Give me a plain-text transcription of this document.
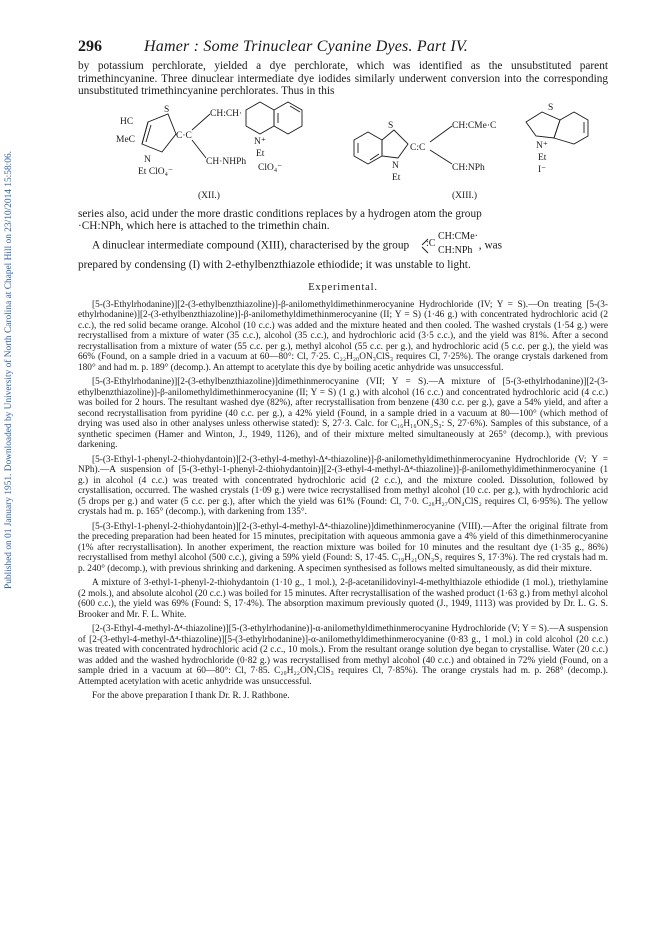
Published on 01 January 1951. Downloaded by University of North Carolina at Chapel Hill on 23/10/2014 15:58:06.
296	Hamer : Some Trinuclear Cyanine Dyes. Part IV.

by potassium perchlorate, yielded a dye perchlorate, which was identified as the unsubstituted parent trimethincyanine. Three dinuclear intermediate dye iodides similarly underwent conversion into the corresponding unsubstituted trimethincyanine perchlorates. Thus in this

S
HC
MeC	C·C
N
Et ClO₄⁻
CH:CH·
CH·NHPh
N⁺
Et
ClO₄⁻
(XII.)
S
C:C
N
Et
CH:CMe·C
CH:NPh
S
N⁺
Et
I⁻
(XIII.)

series also, acid under the more drastic conditions replaces by a hydrogen atom the group

·CH:NPh, which here is attached to the trimethin chain.

A dinuclear intermediate compound (XIII), characterised by the group	:C
CH:CMe·
CH:NPh , was

prepared by condensing (I) with 2-ethylbenzthiazole ethiodide; it was unstable to light.

Experimental.

[5-(3-Ethylrhodanine)][2-(3-ethylbenzthiazoline)]-β-anilomethyldimethinmerocyanine Hydrochloride (IV; Y = S).—On treating [5-(3-ethylrhodanine)][2-(3-ethylbenzthiazoline)]-β-anilomethyldimethinmerocyanine (II; Y = S) (1·46 g.) with concentrated hydrochloric acid (2 c.c.), the red solid became orange. Alcohol (10 c.c.) was added and the mixture heated and then cooled. The washed crystals (1·54 g.) were recrystallised from a mixture of water (35 c.c.), alcohol (35 c.c.), and hydrochloric acid (3·5 c.c.), and the yield was 81%. After a second recrystallisation from a mixture of water (55 c.c. per g.), methyl alcohol (55 c.c. per g.), and hydrochloric acid (5 c.c. per g.), the yield was 66% (Found, on a sample dried in a vacuum at 60—80°: Cl, 7·25. C₂₂H₂₀ON₃ClS₃ requires Cl, 7·25%). The orange crystals darkened from 180° and had m. p. 189° (decomp.). An attempt to acetylate this dye by boiling acetic anhydride was unsuccessful.

[5-(3-Ethylrhodanine)][2-(3-ethylbenzthiazoline)]dimethinmerocyanine (VII; Y = S).—A mixture of [5-(3-ethylrhodanine)][2-(3-ethylbenzthiazoline)]-β-anilomethyldimethinmerocyanine (II; Y = S) (1 g.) with alcohol (16 c.c.) and concentrated hydrochloric acid (4 c.c.) was boiled for 2 hours. The resultant washed dye (82%), after recrystallisation from benzene (430 c.c. per g.), gave a 54% yield, and after a second recrystallisation from pyridine (40 c.c. per g.), a 42% yield (Found, in a sample dried in a vacuum at 80—100° (which method of drying was used also in other analyses unless otherwise stated): S, 27·3. Calc. for C₁₆H₁₆ON₂S₃: S, 27·6%). Samples of this substance, of a synthetic specimen (Hamer and Winton, J., 1949, 1126), and of their mixture melted simultaneously at 265° (decomp.), with previous darkening.

[5-(3-Ethyl-1-phenyl-2-thiohydantoin)][2-(3-ethyl-4-methyl-Δ⁴-thiazoline)]-β-anilomethyldimethinmerocyanine Hydrochloride (V; Y = NPh).—A suspension of [5-(3-ethyl-1-phenyl-2-thiohydantoin)][2-(3-ethyl-4-methyl-Δ⁴-thiazoline)]-β-anilomethyldimethinmerocyanine (1 g.) in alcohol (4 c.c.) was treated with concentrated hydrochloric acid (2 c.c.), and the mixture cooled. Dissolution, followed by crystallisation, occurred. The washed crystals (1·09 g.) were twice recrystallised from methyl alcohol (10 c.c. per g.), with hydrochloric acid (5 drops per g.) and water (5 c.c. per g.), after which the yield was 61% (Found: Cl, 7·0. C₂₆H₂₇ON₄ClS₂ requires Cl, 6·95%). The yellow crystals had m. p. 165° (decomp.), with darkening from 135°.

[5-(3-Ethyl-1-phenyl-2-thiohydantoin)][2-(3-ethyl-4-methyl-Δ⁴-thiazoline)]dimethinmerocyanine (VIII).—After the original filtrate from the preceding preparation had been heated for 15 minutes, precipitation with aqueous ammonia gave a 4% yield of this dimethinmerocyanine (1% after recrystallisation). In another experiment, the reaction mixture was boiled for 10 minutes and the resultant dye (1·35 g., 86%) recrystallised from methyl alcohol (500 c.c.), giving a 59% yield (Found: S, 17·45. C₁₉H₂₁ON₃S₂ requires S, 17·3%). The red crystals had m. p. 240° (decomp.), with previous shrinking and darkening. A specimen synthesised as follows melted simultaneously, as did their mixture.

A mixture of 3-ethyl-1-phenyl-2-thiohydantoin (1·10 g., 1 mol.), 2-β-acetanilidovinyl-4-methylthiazole ethiodide (1 mol.), triethylamine (2 mols.), and absolute alcohol (20 c.c.) was boiled for 15 minutes. After recrystallisation of the washed product (1·63 g.) from methyl alcohol (600 c.c.), the yield was 69% (Found: S, 17·4%). The absorption maximum previously quoted (J., 1949, 1113) was provided by Dr. L. G. S. Brooker and Mr. F. L. White.

[2-(3-Ethyl-4-methyl-Δ⁴-thiazoline)][5-(3-ethylrhodanine)]-α-anilomethyldimethinmerocyanine Hydrochloride (V; Y = S).—A suspension of [2-(3-ethyl-4-methyl-Δ⁴-thiazoline)][5-(3-ethylrhodanine)]-α-anilomethyldimethinmerocyanine (0·83 g., 1 mol.) in cold alcohol (20 c.c.) was treated with concentrated hydrochloric acid (2 c.c., 10 mols.). From the resultant orange solution dye began to crystallise. Water (20 c.c.) was added and the washed hydrochloride (0·82 g.) was recrystallised from methyl alcohol (40 c.c.) and obtained in 72% yield (Found, on a sample dried in a vacuum at 60—80°: Cl, 7·85. C₂₀H₂₂ON₃ClS₃ requires Cl, 7·85%). The orange crystals had m. p. 268° (decomp.). Attempted acetylation with acetic anhydride was unsuccessful.

For the above preparation I thank Dr. R. J. Rathbone.
